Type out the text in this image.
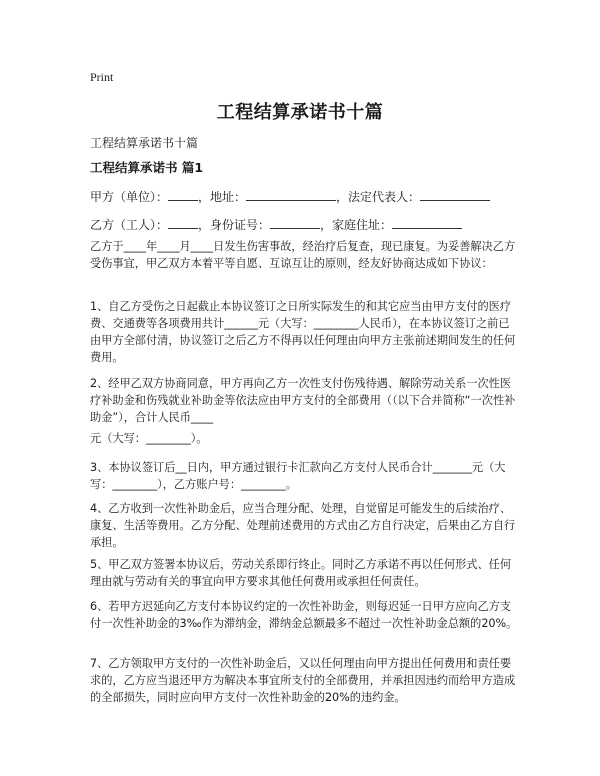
Print
工程结算承诺书十篇
工程结算承诺书十篇
工程结算承诺书 篇1
甲方（单位）：	，地址：	，法定代表人：
乙方（工人）：	，身份证号：	，家庭住址：

乙方于____年____月____日发生伤害事故，经治疗后复查，现已康复。为妥善解决乙方受伤事宜，甲乙双方本着平等自愿、互谅互让的原则，经友好协商达成如下协议：

1、自乙方受伤之日起截止本协议签订之日所实际发生的和其它应当由甲方支付的医疗费、交通费等各项费用共计______元（大写：________人民币），在本协议签订之前已由甲方全部付清，协议签订之后乙方不得再以任何理由向甲方主张前述期间发生的任何费用。

2、经甲乙双方协商同意，甲方再向乙方一次性支付伤残待遇、解除劳动关系一次性医疗补助金和伤残就业补助金等依法应由甲方支付的全部费用（（以下合并简称“一次性补助金”），合计人民币____

元（大写：________）。

3、本协议签订后__日内，甲方通过银行卡汇款向乙方支付人民币合计_______元（大写：________），乙方账户号：________。

4、乙方收到一次性补助金后，应当合理分配、处理，自觉留足可能发生的后续治疗、康复、生活等费用。乙方分配、处理前述费用的方式由乙方自行决定，后果由乙方自行承担。

5、甲乙双方签署本协议后，劳动关系即行终止。同时乙方承诺不再以任何形式、任何理由就与劳动有关的事宜向甲方要求其他任何费用或承担任何责任。

6、若甲方迟延向乙方支付本协议约定的一次性补助金，则每迟延一日甲方应向乙方支付一次性补助金的3‰作为滞纳金，滞纳金总额最多不超过一次性补助金总额的20%。

7、乙方领取甲方支付的一次性补助金后，又以任何理由向甲方提出任何费用和责任要求的，乙方应当退还甲方为解决本事宜所支付的全部费用，并承担因违约而给甲方造成的全部损失，同时应向甲方支付一次性补助金的20%的违约金。
